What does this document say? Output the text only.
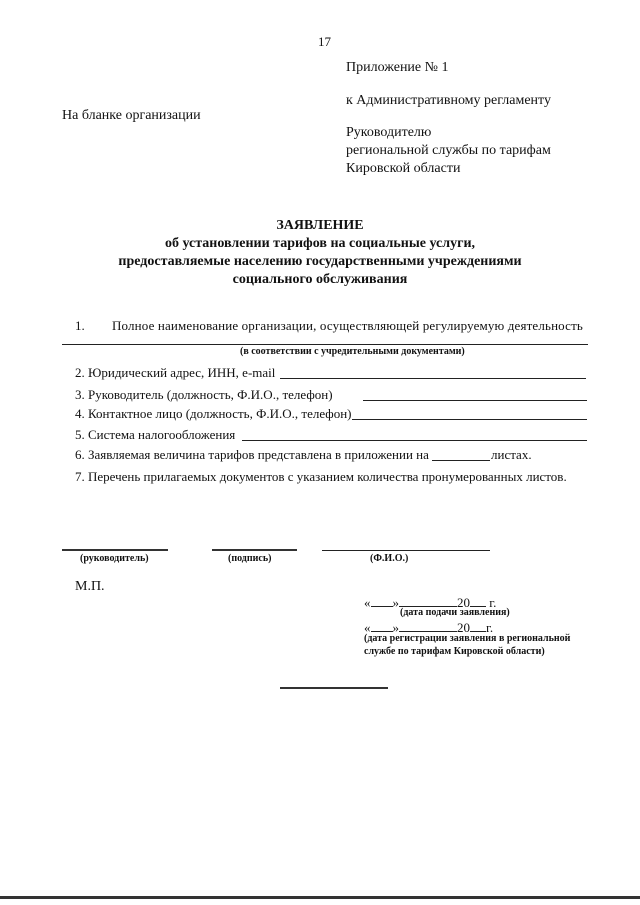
17
Приложение № 1
к Административному регламенту
Руководителю
региональной службы по тарифам
Кировской области
На бланке организации
ЗАЯВЛЕНИЕ
об установлении тарифов на социальные услуги,
предоставляемые населению государственными учреждениями
социального обслуживания
1. Полное наименование организации, осуществляющей регулируемую деятельность
(в соответствии с учредительными документами)
2. Юридический адрес, ИНН, e-mail
3. Руководитель (должность, Ф.И.О., телефон)
4. Контактное лицо (должность, Ф.И.О., телефон)
5. Система налогообложения
6. Заявляемая величина тарифов представлена в приложении на	листах.
7. Перечень прилагаемых документов с указанием количества пронумерованных листов.
(руководитель)	(подпись)	(Ф.И.О.)
М.П.
« »	20 г.
(дата подачи заявления)
« »	20 г.
(дата регистрации заявления в региональной
службе по тарифам Кировской области)
